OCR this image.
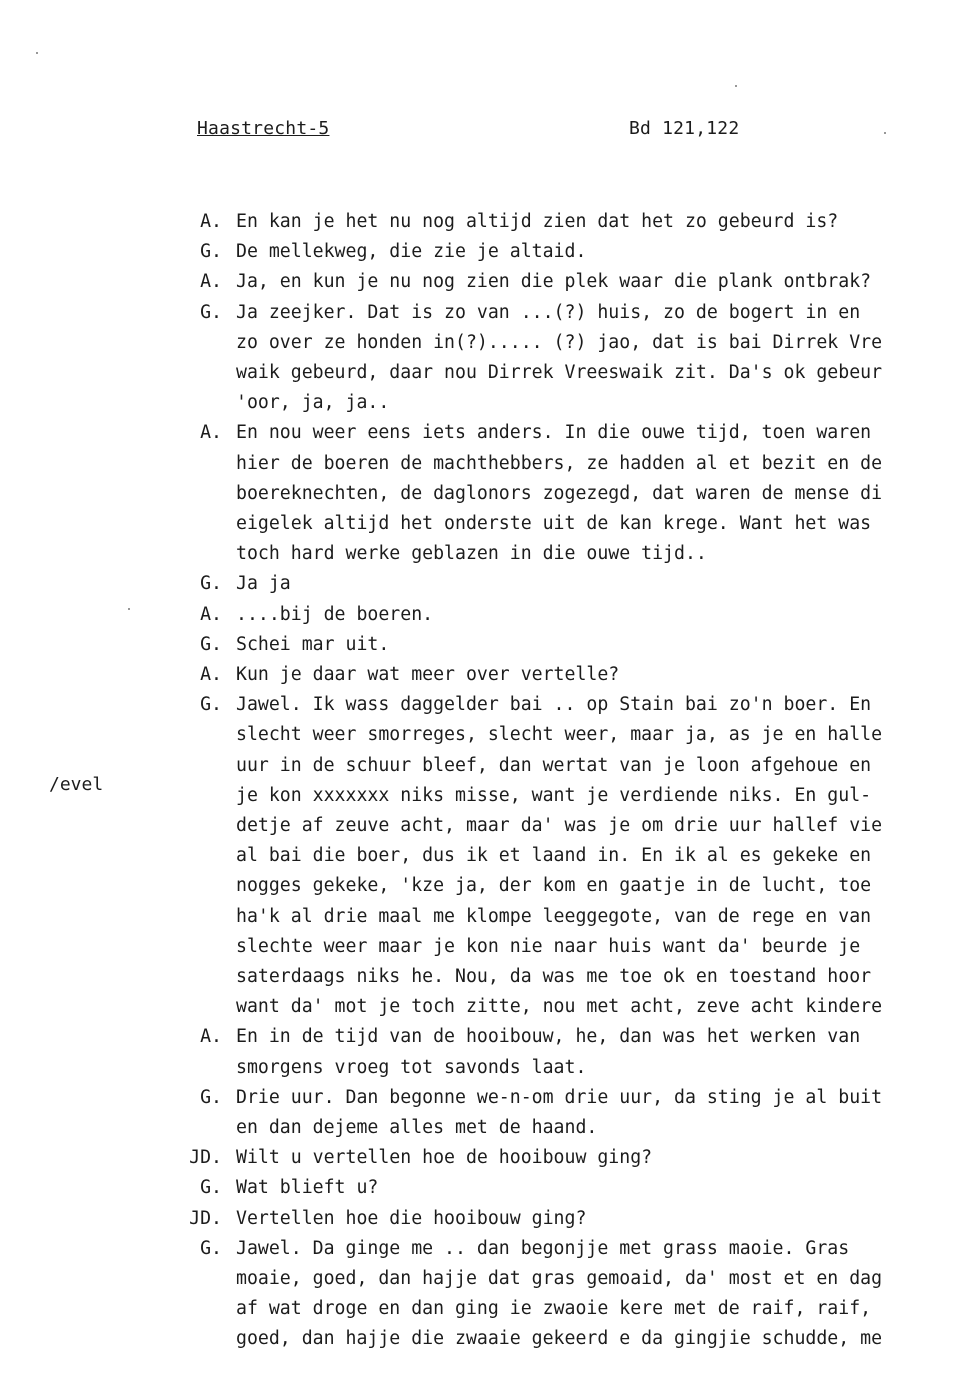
Haastrecht-5	Bd 121,122
/evel
A. En kan je het nu nog altijd zien dat het zo gebeurd is?
G. De mellekweg, die zie je altaid.
A. Ja, en kun je nu nog zien die plek waar die plank ontbrak?
G. Ja zeejker. Dat is zo van ...(?) huis, zo de bogert in en
zo over ze honden in(?)..... (?) jao, dat is bai Dirrek Vre
waik gebeurd, daar nou Dirrek Vreeswaik zit. Da's ok gebeur
'oor, ja, ja..
A. En nou weer eens iets anders. In die ouwe tijd, toen waren
hier de boeren de machthebbers, ze hadden al et bezit en de
boereknechten, de daglonors zogezegd, dat waren de mense di
eigelek altijd het onderste uit de kan krege. Want het was
toch hard werke geblazen in die ouwe tijd..
G. Ja ja
A. ....bij de boeren.
G. Schei mar uit.
A. Kun je daar wat meer over vertelle?
G. Jawel. Ik wass daggelder bai .. op Stain bai zo'n boer. En
slecht weer smorreges, slecht weer, maar ja, as je en halle
uur in de schuur bleef, dan wertat van je loon afgehoue en
je kon xxxxxxx niks misse, want je verdiende niks. En gul-
detje af zeuve acht, maar da' was je om drie uur hallef vie
al bai die boer, dus ik et laand in. En ik al es gekeke en
nogges gekeke, 'kze ja, der kom en gaatje in de lucht, toe
ha'k al drie maal me klompe leeggegote, van de rege en van
slechte weer maar je kon nie naar huis want da' beurde je
saterdaags niks he. Nou, da was me toe ok en toestand hoor
want da' mot je toch zitte, nou met acht, zeve acht kindere
A. En in de tijd van de hooibouw, he, dan was het werken van
smorgens vroeg tot savonds laat.
G. Drie uur. Dan begonne we-n-om drie uur, da sting je al buit
en dan dejeme alles met de haand.
JD. Wilt u vertellen hoe de hooibouw ging?
G. Wat blieft u?
JD. Vertellen hoe die hooibouw ging?
G. Jawel. Da ginge me .. dan begonjje met grass maoie. Gras
moaie, goed, dan hajje dat gras gemoaid, da' most et en dag
af wat droge en dan ging ie zwaoie kere met de raif, raif,
goed, dan hajje die zwaaie gekeerd e da gingjie schudde, me
